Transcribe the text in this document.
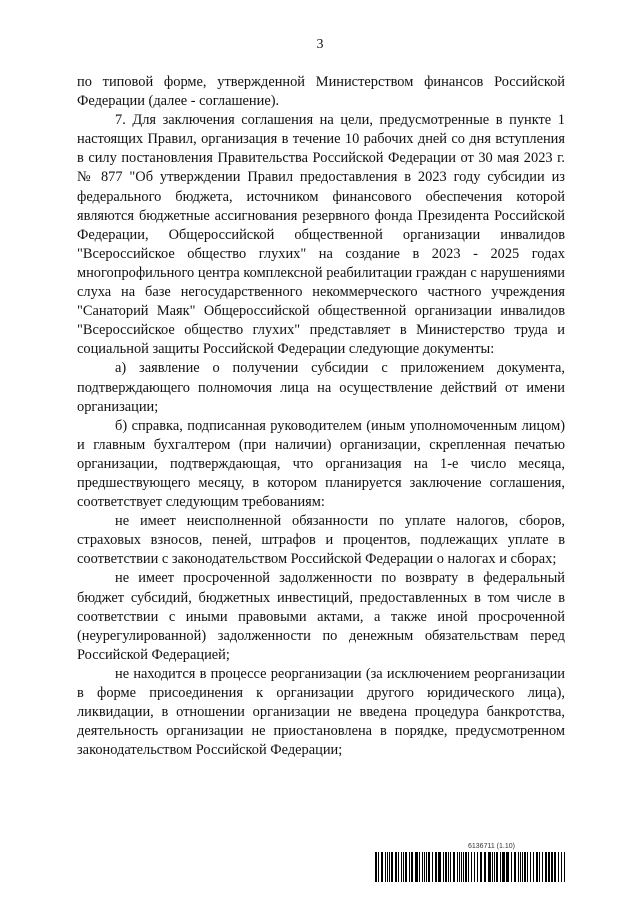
3

по типовой форме, утвержденной Министерством финансов Российской Федерации (далее - соглашение).

7. Для заключения соглашения на цели, предусмотренные в пункте 1 настоящих Правил, организация в течение 10 рабочих дней со дня вступления в силу постановления Правительства Российской Федерации от 30 мая 2023 г. № 877 "Об утверждении Правил предоставления в 2023 году субсидии из федерального бюджета, источником финансового обеспечения которой являются бюджетные ассигнования резервного фонда Президента Российской Федерации, Общероссийской общественной организации инвалидов "Всероссийское общество глухих" на создание в 2023 - 2025 годах многопрофильного центра комплексной реабилитации граждан с нарушениями слуха на базе негосударственного некоммерческого частного учреждения "Санаторий Маяк" Общероссийской общественной организации инвалидов "Всероссийское общество глухих" представляет в Министерство труда и социальной защиты Российской Федерации следующие документы:

а) заявление о получении субсидии с приложением документа, подтверждающего полномочия лица на осуществление действий от имени организации;

б) справка, подписанная руководителем (иным уполномоченным лицом) и главным бухгалтером (при наличии) организации, скрепленная печатью организации, подтверждающая, что организация на 1-е число месяца, предшествующего месяцу, в котором планируется заключение соглашения, соответствует следующим требованиям:

не имеет неисполненной обязанности по уплате налогов, сборов, страховых взносов, пеней, штрафов и процентов, подлежащих уплате в соответствии с законодательством Российской Федерации о налогах и сборах;

не имеет просроченной задолженности по возврату в федеральный бюджет субсидий, бюджетных инвестиций, предоставленных в том числе в соответствии с иными правовыми актами, а также иной просроченной (неурегулированной) задолженности по денежным обязательствам перед Российской Федерацией;

не находится в процессе реорганизации (за исключением реорганизации в форме присоединения к организации другого юридического лица), ликвидации, в отношении организации не введена процедура банкротства, деятельность организации не приостановлена в порядке, предусмотренном законодательством Российской Федерации;

6136711 (1.10)
